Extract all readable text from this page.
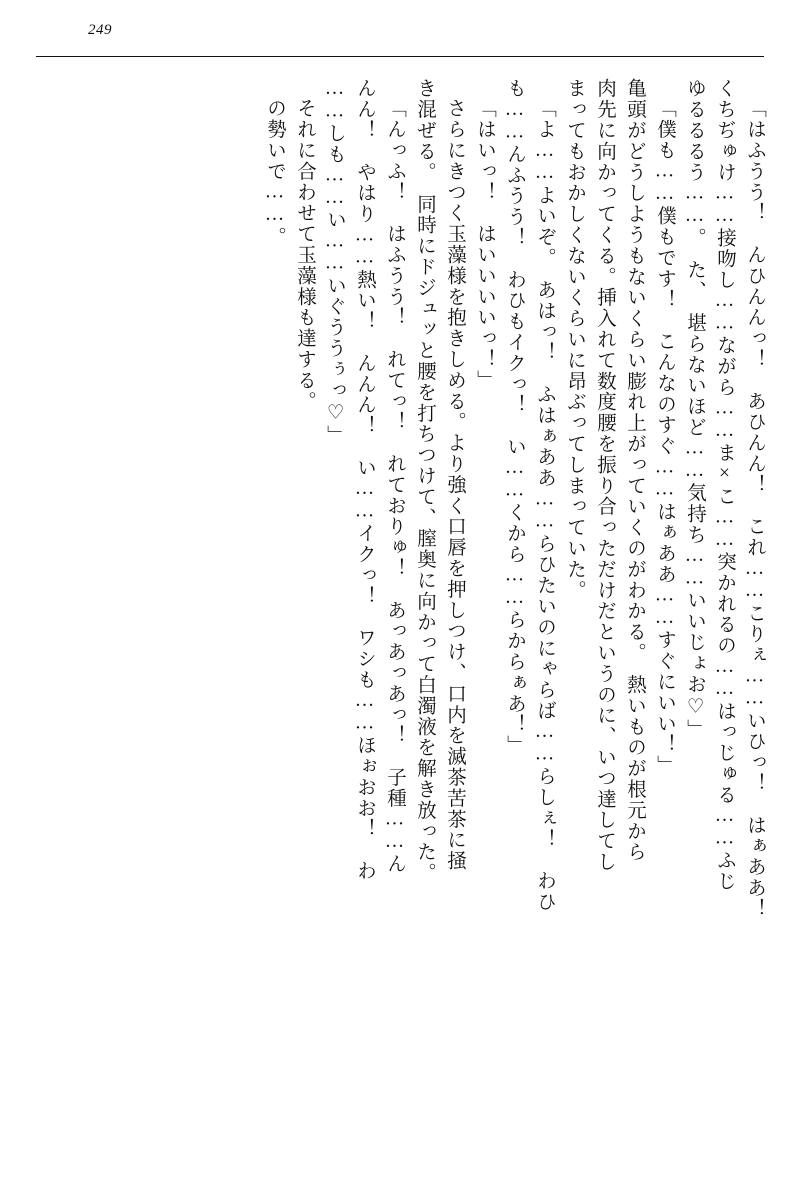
249
「はふうう！　んひんんっ！　あひんん！　これ……こりぇ……いひっ！　はぁああ！
くちぢゅけ……接吻し……ながら……ま×こ……突かれるの……はっじゅる……ふじ
ゆるるるう……。　た、　堪らないほど……気持ち……いいじょお♡」
「僕も……僕もです！　こんなのすぐ……はぁああ……すぐにいい！」
亀頭がどうしようもないくらい膨れ上がっていくのがわかる。　熱いものが根元から
肉先に向かってくる。挿入れて数度腰を振り合っただけだというのに、いつ達してし
まってもおかしくないくらいに昂ぶってしまっていた。
「よ……よいぞ。　あはっ！　ふはぁああ……らひたいのにゃらば……らしぇ！　わひ
も……んふうう！　わひもイクっ！　い……くから……らからぁあ！」
「はいっ！　はいいいいっ！」
さらにきつく玉藻様を抱きしめる。より強く口唇を押しつけ、口内を滅茶苦茶に掻
き混ぜる。　同時にドジュッと腰を打ちつけて、膣奥に向かって白濁液を解き放った。
「んっふ！　はふうう！　れてっ！　れておりゅ！　あっあっあっ！　子種……ん
んん！　やはり……熱い！　んんん！　い……イクっ！　ワシも……ほぉおお！　わ
……しも……い……いぐううぅっ♡」
それに合わせて玉藻様も達する。
の勢いで……。
